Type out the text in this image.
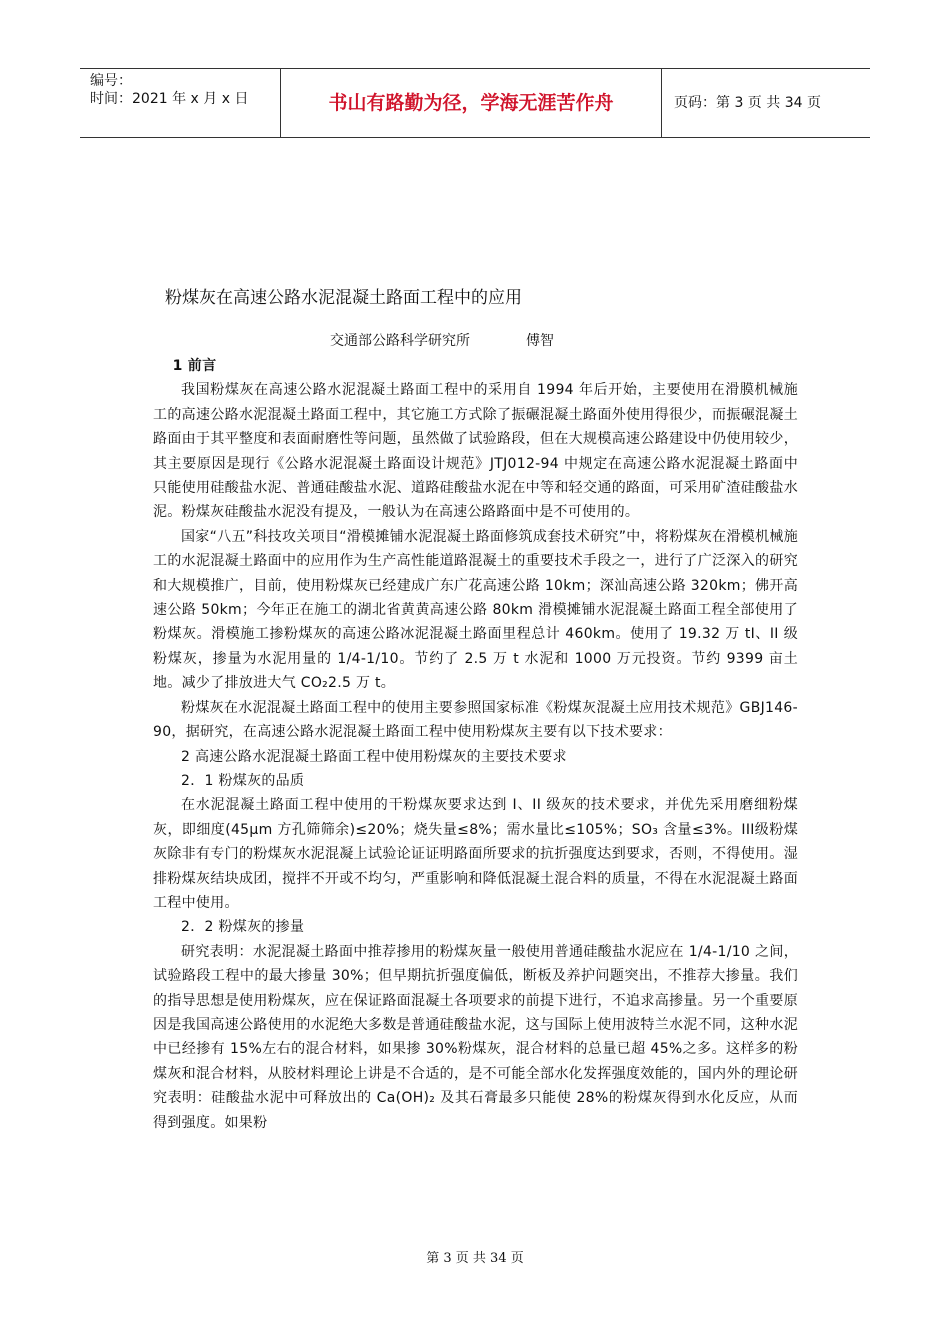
编号：
时间：2021 年 x 月 x 日	书山有路勤为径，学海无涯苦作舟	页码：第 3 页 共 34 页
粉煤灰在高速公路水泥混凝土路面工程中的应用
交通部公路科学研究所	傅智

1 前言

我国粉煤灰在高速公路水泥混凝土路面工程中的采用自 1994 年后开始，主要使用在滑膜机械施工的高速公路水泥混凝土路面工程中，其它施工方式除了振碾混凝土路面外使用得很少，而振碾混凝土路面由于其平整度和表面耐磨性等问题，虽然做了试验路段，但在大规模高速公路建设中仍使用较少，其主要原因是现行《公路水泥混凝土路面设计规范》JTJ012-94 中规定在高速公路水泥混凝土路面中只能使用硅酸盐水泥、普通硅酸盐水泥、道路硅酸盐水泥在中等和轻交通的路面，可采用矿渣硅酸盐水泥。粉煤灰硅酸盐水泥没有提及，一般认为在高速公路路面中是不可使用的。

国家“八五”科技攻关项目“滑模摊铺水泥混凝土路面修筑成套技术研究”中，将粉煤灰在滑模机械施工的水泥混凝土路面中的应用作为生产高性能道路混凝土的重要技术手段之一，进行了广泛深入的研究和大规模推广，目前，使用粉煤灰已经建成广东广花高速公路 10km；深汕高速公路 320km；佛开高速公路 50km；今年正在施工的湖北省黄黄高速公路 80km 滑模摊铺水泥混凝土路面工程全部使用了粉煤灰。滑模施工掺粉煤灰的高速公路冰泥混凝土路面里程总计 460km。使用了 19.32 万 tI、II 级粉煤灰，掺量为水泥用量的 1/4-1/10。节约了 2.5 万 t 水泥和 1000 万元投资。节约 9399 亩土地。减少了排放进大气 CO₂2.5 万 t。

粉煤灰在水泥混凝土路面工程中的使用主要参照国家标准《粉煤灰混凝土应用技术规范》GBJ146-90，据研究，在高速公路水泥混凝土路面工程中使用粉煤灰主要有以下技术要求：

2 高速公路水泥混凝土路面工程中使用粉煤灰的主要技术要求

2．1 粉煤灰的品质

在水泥混凝土路面工程中使用的干粉煤灰要求达到 I、II 级灰的技术要求，并优先采用磨细粉煤灰，即细度(45μm 方孔筛筛余)≤20%；烧失量≤8%；需水量比≤105%；SO₃ 含量≤3%。III级粉煤灰除非有专门的粉煤灰水泥混凝上试验论证证明路面所要求的抗折强度达到要求，否则，不得使用。湿排粉煤灰结块成团，搅拌不开或不均匀，严重影响和降低混凝土混合料的质量，不得在水泥混凝土路面工程中使用。

2．2 粉煤灰的掺量

研究表明：水泥混凝土路面中推荐掺用的粉煤灰量一般使用普通硅酸盐水泥应在 1/4-1/10 之间，试验路段工程中的最大掺量 30%；但早期抗折强度偏低，断板及养护问题突出，不推荐大掺量。我们的指导思想是使用粉煤灰，应在保证路面混凝土各项要求的前提下进行，不追求高掺量。另一个重要原因是我国高速公路使用的水泥绝大多数是普通硅酸盐水泥，这与国际上使用波特兰水泥不同，这种水泥中已经掺有 15%左右的混合材料，如果掺 30%粉煤灰，混合材料的总量已超 45%之多。这样多的粉煤灰和混合材料，从胶材料理论上讲是不合适的，是不可能全部水化发挥强度效能的，国内外的理论研究表明：硅酸盐水泥中可释放出的 Ca(OH)₂ 及其石膏最多只能使 28%的粉煤灰得到水化反应，从而得到强度。如果粉

第 3 页 共 34 页
